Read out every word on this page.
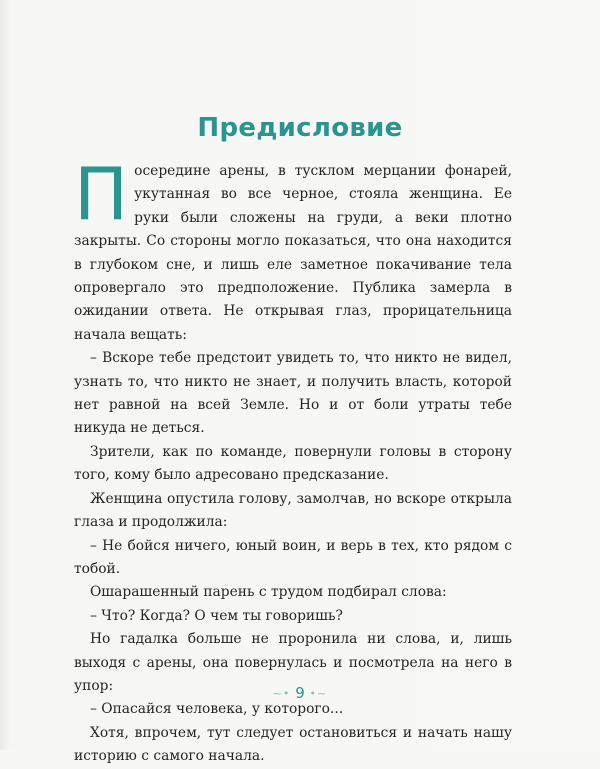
Предисловие

Посередине арены, в тусклом мерцании фонарей, укутанная во все черное, стояла женщина. Ее руки были сложены на груди, а веки плотно закрыты. Со стороны могло показаться, что она находится в глубоком сне, и лишь еле заметное покачивание тела опровергало это предположение. Публика замерла в ожидании ответа. Не открывая глаз, прорицательница начала вещать:

– Вскоре тебе предстоит увидеть то, что никто не видел, узнать то, что никто не знает, и получить власть, которой нет равной на всей Земле. Но и от боли утраты тебе никуда не деться.

Зрители, как по команде, повернули головы в сторону того, кому было адресовано предсказание.

Женщина опустила голову, замолчав, но вскоре открыла глаза и продолжила:

– Не бойся ничего, юный воин, и верь в тех, кто рядом с тобой.

Ошарашенный парень с трудом подбирал слова:

– Что? Когда? О чем ты говоришь?

Но гадалка больше не проронила ни слова, и, лишь выходя с арены, она повернулась и посмотрела на него в упор:

– Опасайся человека, у которого...

Хотя, впрочем, тут следует остановиться и начать нашу историю с самого начала.

~• 9 •~
